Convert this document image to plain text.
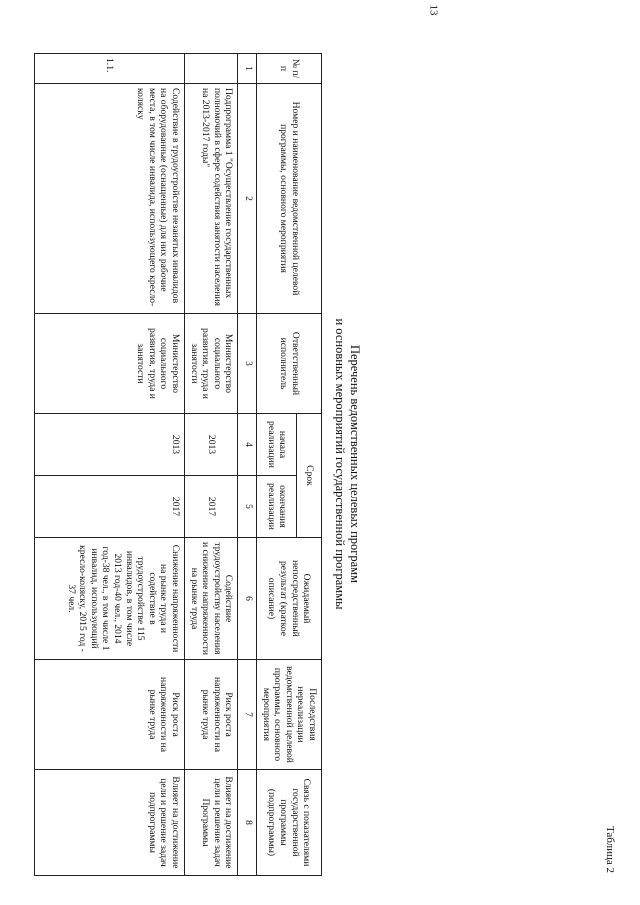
13
Таблица 2
Перечень ведомственных целевых программ
и основных мероприятий государственной программы
№ п/п	Номер и наименование ведомственной целевой программы, основного мероприятия	Ответственный исполнитель	Срок		Ожидаемый непосредственный результат (краткое описание)	Последствия нереализации ведомственной целевой программы, основного мероприятия	Связь с показателями государственной программы (подпрограммы)
			начала реализации	окончания реализации			
1	2	3	4	5	6	7	8
	Подпрограмма 1 "Осуществление государственных полномочий в сфере содействия занятости населения на 2013-2017 годы"	Министерство социального развития, труда и занятости	2013	2017	Содействие трудоустройству населения и снижение напряженности на рынке труда	Риск роста напряженности на рынке труда	Влияет на достижение цели и решение задач Программы
1.1.	Содействие в трудоустройстве незанятых инвалидов на оборудованные (оснащенные) для них рабочие места, в том числе инвалида, использующего кресло-коляску	Министерство социального развития, труда и занятости	2013	2017	Снижение напряженности на рынке труда и содействие в трудоустройстве 115 инвалидов, в том числе 2013 год-40 чел., 2014 год-38 чел., в том числе 1 инвалид, использующий кресло-коляску, 2015 год - 37 чел.	Риск роста напряженности на рынке труда	Влияет на достижение цели и решение задач подпрограммы
